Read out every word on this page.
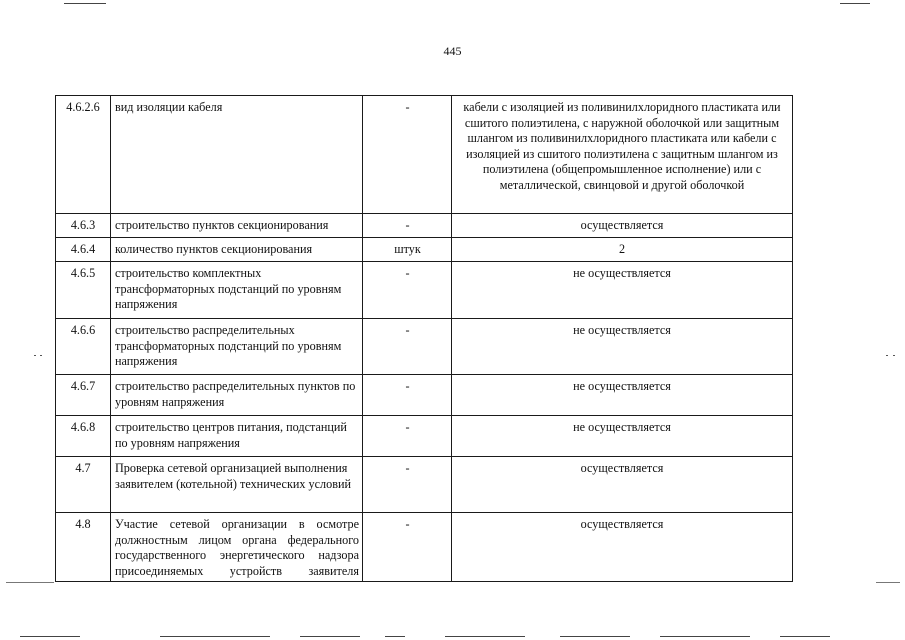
445
4.6.2.6	вид изоляции кабеля	-	кабели с изоляцией из поливинилхлоридного пластиката или сшитого полиэтилена, с наружной оболочкой или защитным шлангом из поливинилхлоридного пластиката или кабели с изоляцией из сшитого полиэтилена с защитным шлангом из полиэтилена (общепромышленное исполнение) или с металлической, свинцовой и другой оболочкой
4.6.3	строительство пунктов секционирования	-	осуществляется
4.6.4	количество пунктов секционирования	штук	2
4.6.5	строительство комплектных трансформаторных подстанций по уровням напряжения	-	не осуществляется
4.6.6	строительство распределительных трансформаторных подстанций по уровням напряжения	-	не осуществляется
4.6.7	строительство распределительных пунктов по уровням напряжения	-	не осуществляется
4.6.8	строительство центров питания, подстанций по уровням напряжения	-	не осуществляется
4.7	Проверка сетевой организацией выполнения заявителем (котельной) технических условий	-	осуществляется
4.8	Участие сетевой организации в осмотре должностным лицом органа федерального государственного энергетического надзора присоединяемых устройств заявителя	-	осуществляется
